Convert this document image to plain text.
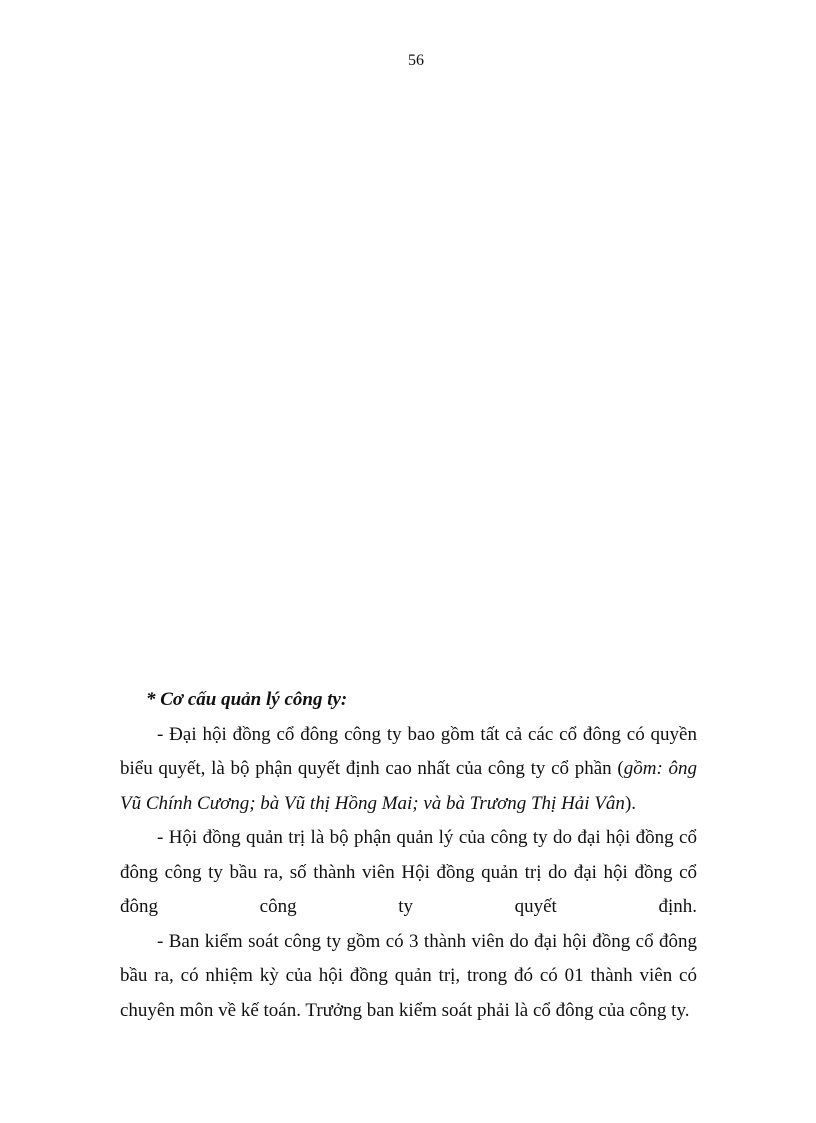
56

* Cơ cấu quản lý công ty:

- Đại hội đồng cổ đông công ty bao gồm tất cả các cổ đông có quyền biểu quyết, là bộ phận quyết định cao nhất của công ty cổ phần (gồm: ông Vũ Chính Cương; bà Vũ thị Hồng Mai; và bà Trương Thị Hải Vân).

- Hội đồng quản trị là bộ phận quản lý của công ty do đại hội đồng cổ đông công ty bầu ra, số thành viên Hội đồng quản trị do đại hội đồng cổ đông công ty quyết định.

- Ban kiểm soát công ty gồm có 3 thành viên do đại hội đồng cổ đông bầu ra, có nhiệm kỳ của hội đồng quản trị, trong đó có 01 thành viên có chuyên môn về kế toán. Trưởng ban kiểm soát phải là cổ đông của công ty.
